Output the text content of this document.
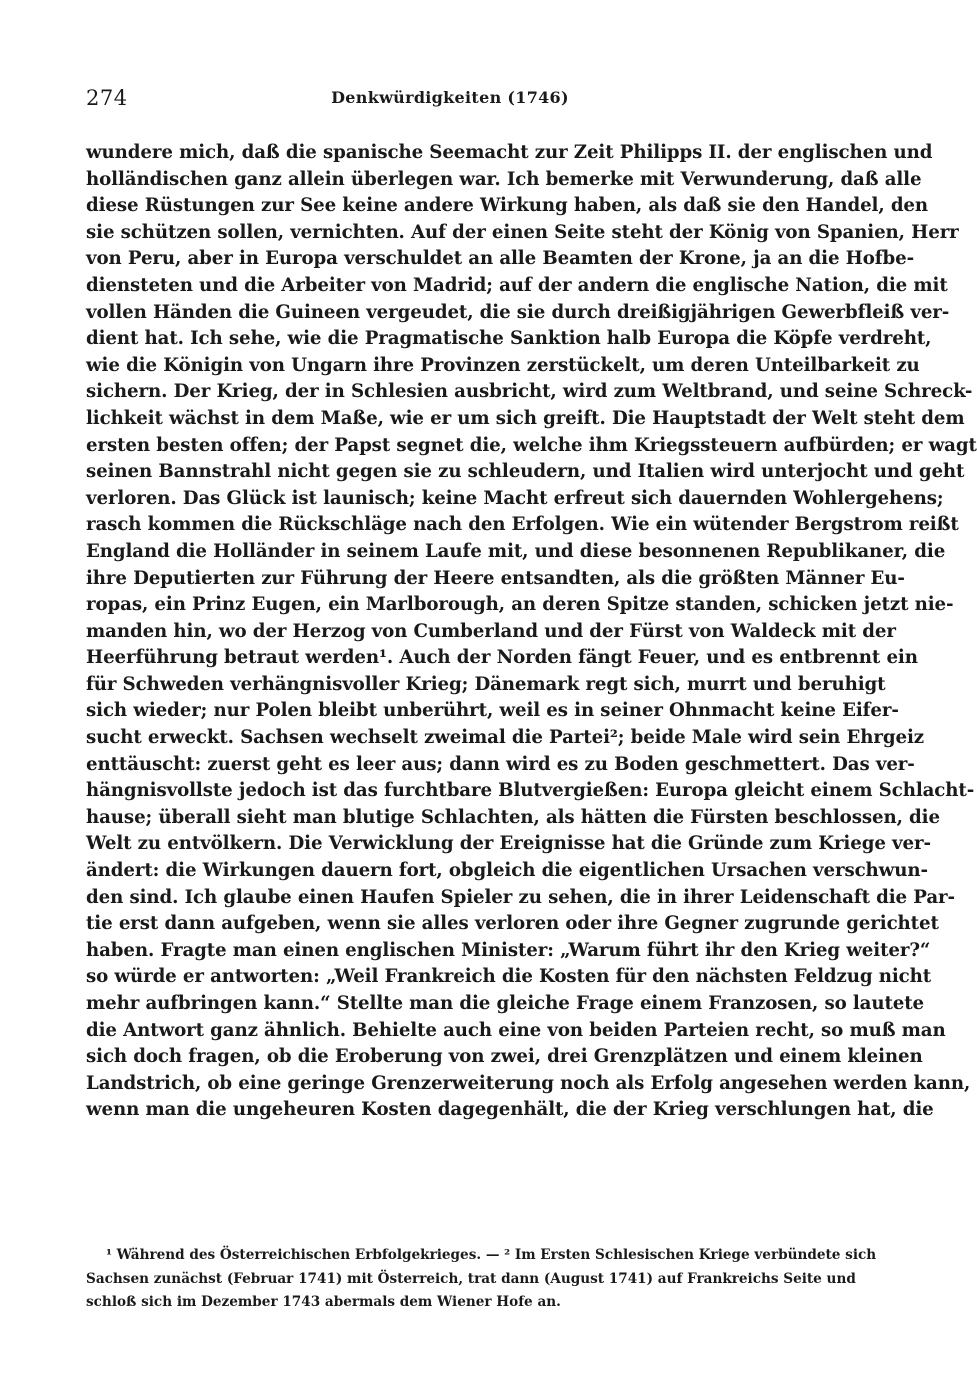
274	Denkwürdigkeiten (1746)
wundere mich, daß die spanische Seemacht zur Zeit Philipps II. der englischen und
holländischen ganz allein überlegen war. Ich bemerke mit Verwunderung, daß alle
diese Rüstungen zur See keine andere Wirkung haben, als daß sie den Handel, den
sie schützen sollen, vernichten. Auf der einen Seite steht der König von Spanien, Herr
von Peru, aber in Europa verschuldet an alle Beamten der Krone, ja an die Hofbe-
diensteten und die Arbeiter von Madrid; auf der andern die englische Nation, die mit
vollen Händen die Guineen vergeudet, die sie durch dreißigjährigen Gewerbfleiß ver-
dient hat. Ich sehe, wie die Pragmatische Sanktion halb Europa die Köpfe verdreht,
wie die Königin von Ungarn ihre Provinzen zerstückelt, um deren Unteilbarkeit zu
sichern. Der Krieg, der in Schlesien ausbricht, wird zum Weltbrand, und seine Schreck-
lichkeit wächst in dem Maße, wie er um sich greift. Die Hauptstadt der Welt steht dem
ersten besten offen; der Papst segnet die, welche ihm Kriegssteuern aufbürden; er wagt
seinen Bannstrahl nicht gegen sie zu schleudern, und Italien wird unterjocht und geht
verloren. Das Glück ist launisch; keine Macht erfreut sich dauernden Wohlergehens;
rasch kommen die Rückschläge nach den Erfolgen. Wie ein wütender Bergstrom reißt
England die Holländer in seinem Laufe mit, und diese besonnenen Republikaner, die
ihre Deputierten zur Führung der Heere entsandten, als die größten Männer Eu-
ropas, ein Prinz Eugen, ein Marlborough, an deren Spitze standen, schicken jetzt nie-
manden hin, wo der Herzog von Cumberland und der Fürst von Waldeck mit der
Heerführung betraut werden¹. Auch der Norden fängt Feuer, und es entbrennt ein
für Schweden verhängnisvoller Krieg; Dänemark regt sich, murrt und beruhigt
sich wieder; nur Polen bleibt unberührt, weil es in seiner Ohnmacht keine Eifer-
sucht erweckt. Sachsen wechselt zweimal die Partei²; beide Male wird sein Ehrgeiz
enttäuscht: zuerst geht es leer aus; dann wird es zu Boden geschmettert. Das ver-
hängnisvollste jedoch ist das furchtbare Blutvergießen: Europa gleicht einem Schlacht-
hause; überall sieht man blutige Schlachten, als hätten die Fürsten beschlossen, die
Welt zu entvölkern. Die Verwicklung der Ereignisse hat die Gründe zum Kriege ver-
ändert: die Wirkungen dauern fort, obgleich die eigentlichen Ursachen verschwun-
den sind. Ich glaube einen Haufen Spieler zu sehen, die in ihrer Leidenschaft die Par-
tie erst dann aufgeben, wenn sie alles verloren oder ihre Gegner zugrunde gerichtet
haben. Fragte man einen englischen Minister: „Warum führt ihr den Krieg weiter?“
so würde er antworten: „Weil Frankreich die Kosten für den nächsten Feldzug nicht
mehr aufbringen kann.“ Stellte man die gleiche Frage einem Franzosen, so lautete
die Antwort ganz ähnlich. Behielte auch eine von beiden Parteien recht, so muß man
sich doch fragen, ob die Eroberung von zwei, drei Grenzplätzen und einem kleinen
Landstrich, ob eine geringe Grenzerweiterung noch als Erfolg angesehen werden kann,
wenn man die ungeheuren Kosten dagegenhält, die der Krieg verschlungen hat, die
¹ Während des Österreichischen Erbfolgekrieges. — ² Im Ersten Schlesischen Kriege verbündete sich
Sachsen zunächst (Februar 1741) mit Österreich, trat dann (August 1741) auf Frankreichs Seite und
schloß sich im Dezember 1743 abermals dem Wiener Hofe an.
